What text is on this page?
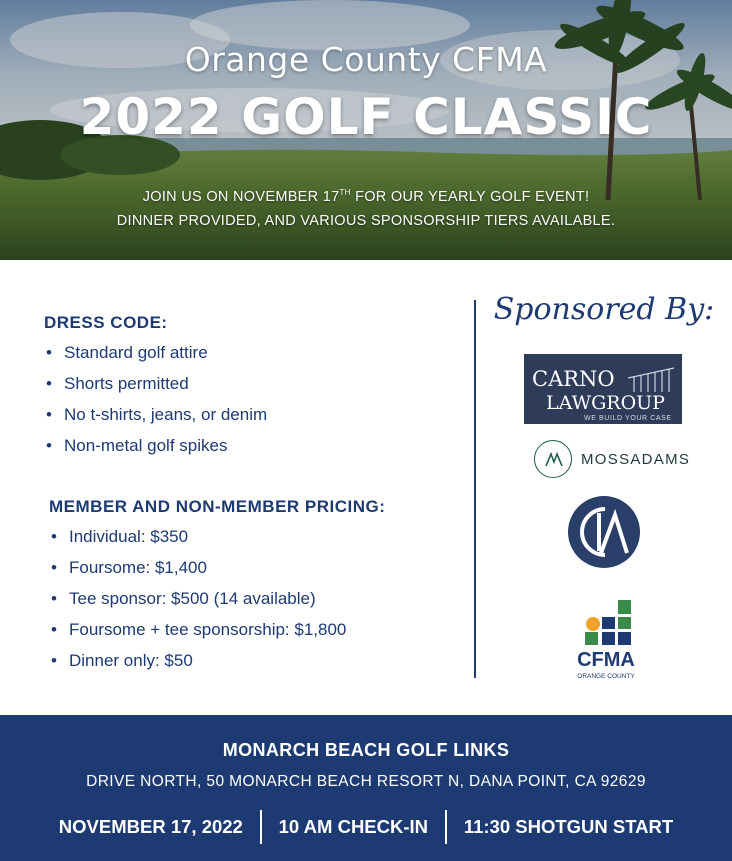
Orange County CFMA
2022 GOLF CLASSIC
JOIN US ON NOVEMBER 17TH FOR OUR YEARLY GOLF EVENT!
DINNER PROVIDED, AND VARIOUS SPONSORSHIP TIERS AVAILABLE.
DRESS CODE:
• Standard golf attire
• Shorts permitted
• No t-shirts, jeans, or denim
• Non-metal golf spikes
MEMBER AND NON-MEMBER PRICING:
• Individual: $350
• Foursome: $1,400
• Tee sponsor: $500 (14 available)
• Foursome + tee sponsorship: $1,800
• Dinner only: $50
Sponsored By:
CARNO
LAWGROUP
WE BUILD YOUR CASE
MOSSADAMS
CFMA
ORANGE COUNTY
MONARCH BEACH GOLF LINKS
DRIVE NORTH, 50 MONARCH BEACH RESORT N, DANA POINT, CA 92629
NOVEMBER 17, 2022 10 AM CHECK-IN 11:30 SHOTGUN START
